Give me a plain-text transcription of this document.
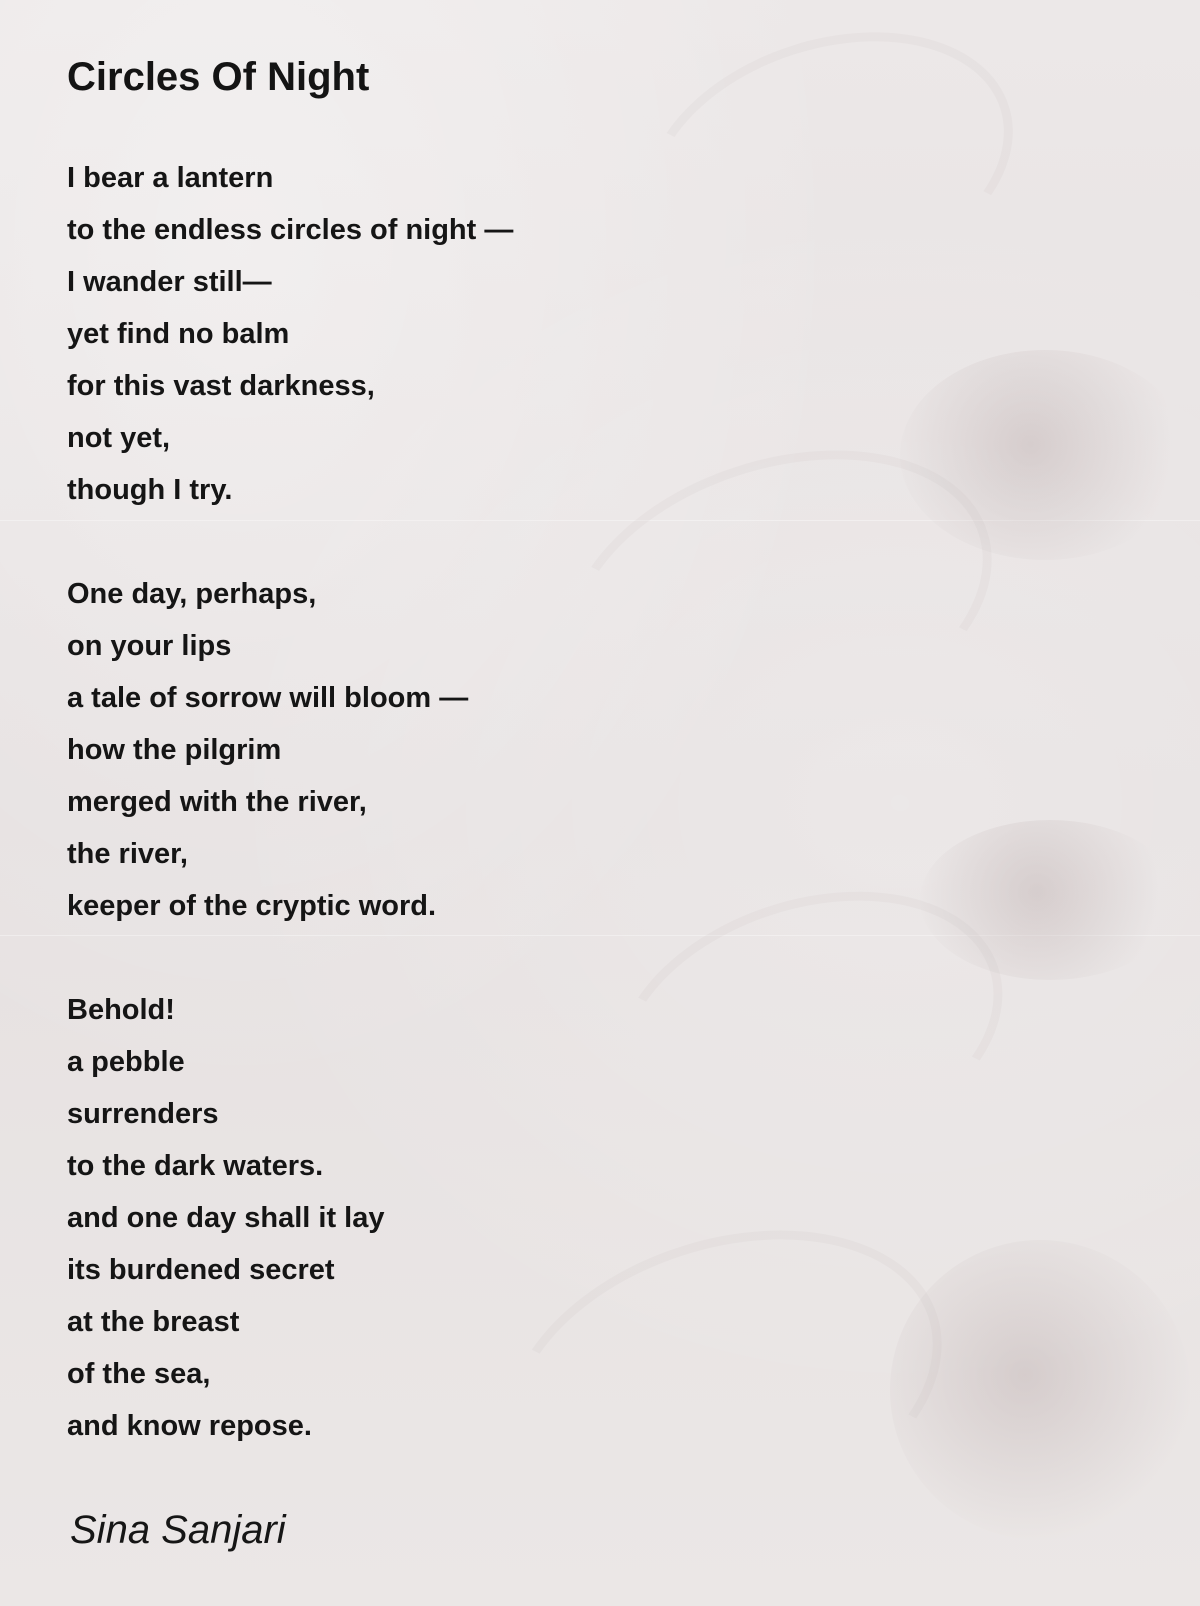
Circles Of Night
I bear a lantern
to the endless circles of night —
I wander still—
yet find no balm
for this vast darkness,
not yet,
though I try.
One day, perhaps,
on your lips
a tale of sorrow will bloom —
how the pilgrim
merged with the river,
the river,
keeper of the cryptic word.
Behold!
a pebble
surrenders
to the dark waters.
and one day shall it lay
its burdened secret
at the breast
of the sea,
and know repose.

Sina Sanjari
